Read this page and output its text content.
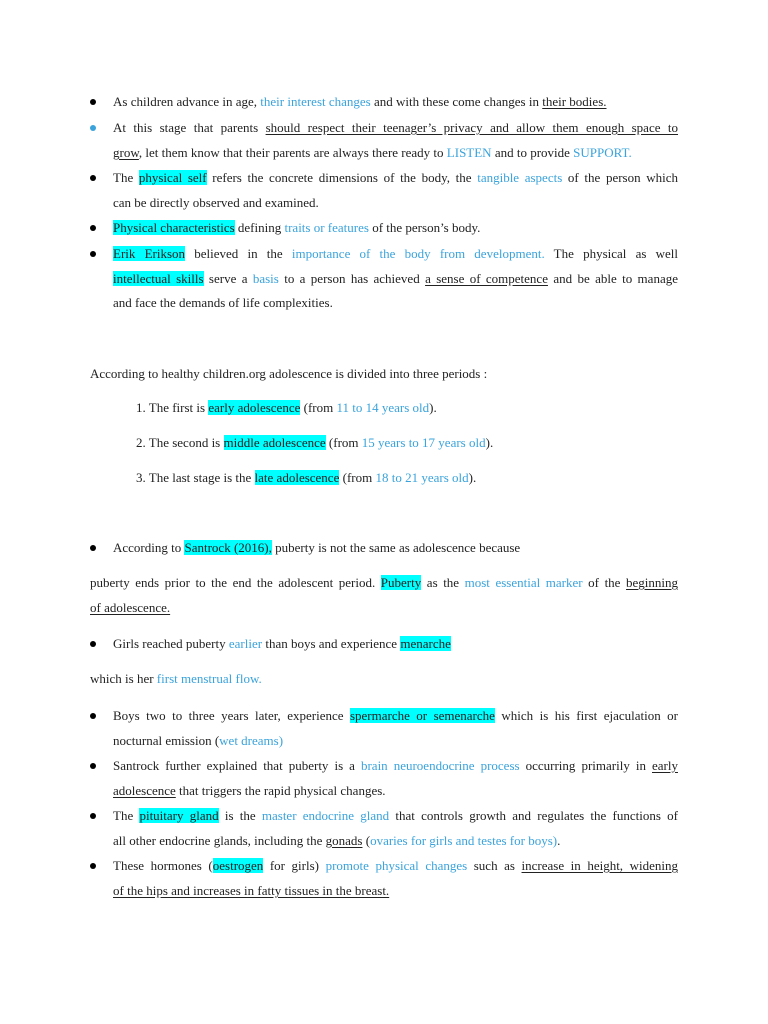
As children advance in age, their interest changes and with these come changes in their bodies.
At this stage that parents should respect their teenager’s privacy and allow them enough space to
grow, let them know that their parents are always there ready to LISTEN and to provide SUPPORT.
The physical self refers the concrete dimensions of the body, the tangible aspects of the person which
can be directly observed and examined.
Physical characteristics defining traits or features of the person’s body.
Erik Erikson believed in the importance of the body from development. The physical as well
intellectual skills serve a basis to a person has achieved a sense of competence and be able to manage
and face the demands of life complexities.
According to healthy children.org adolescence is divided into three periods :
1. The first is early adolescence (from 11 to 14 years old).
2. The second is middle adolescence (from 15 years to 17 years old).
3. The last stage is the late adolescence (from 18 to 21 years old).
According to Santrock (2016), puberty is not the same as adolescence because
puberty ends prior to the end the adolescent period. Puberty as the most essential marker of the beginning
of adolescence.
Girls reached puberty earlier than boys and experience menarche
which is her first menstrual flow.
Boys two to three years later, experience spermarche or semenarche which is his first ejaculation or
nocturnal emission (wet dreams)
Santrock further explained that puberty is a brain neuroendocrine process occurring primarily in early
adolescence that triggers the rapid physical changes.
The pituitary gland is the master endocrine gland that controls growth and regulates the functions of
all other endocrine glands, including the gonads (ovaries for girls and testes for boys).
These hormones (oestrogen for girls) promote physical changes such as increase in height, widening
of the hips and increases in fatty tissues in the breast.
